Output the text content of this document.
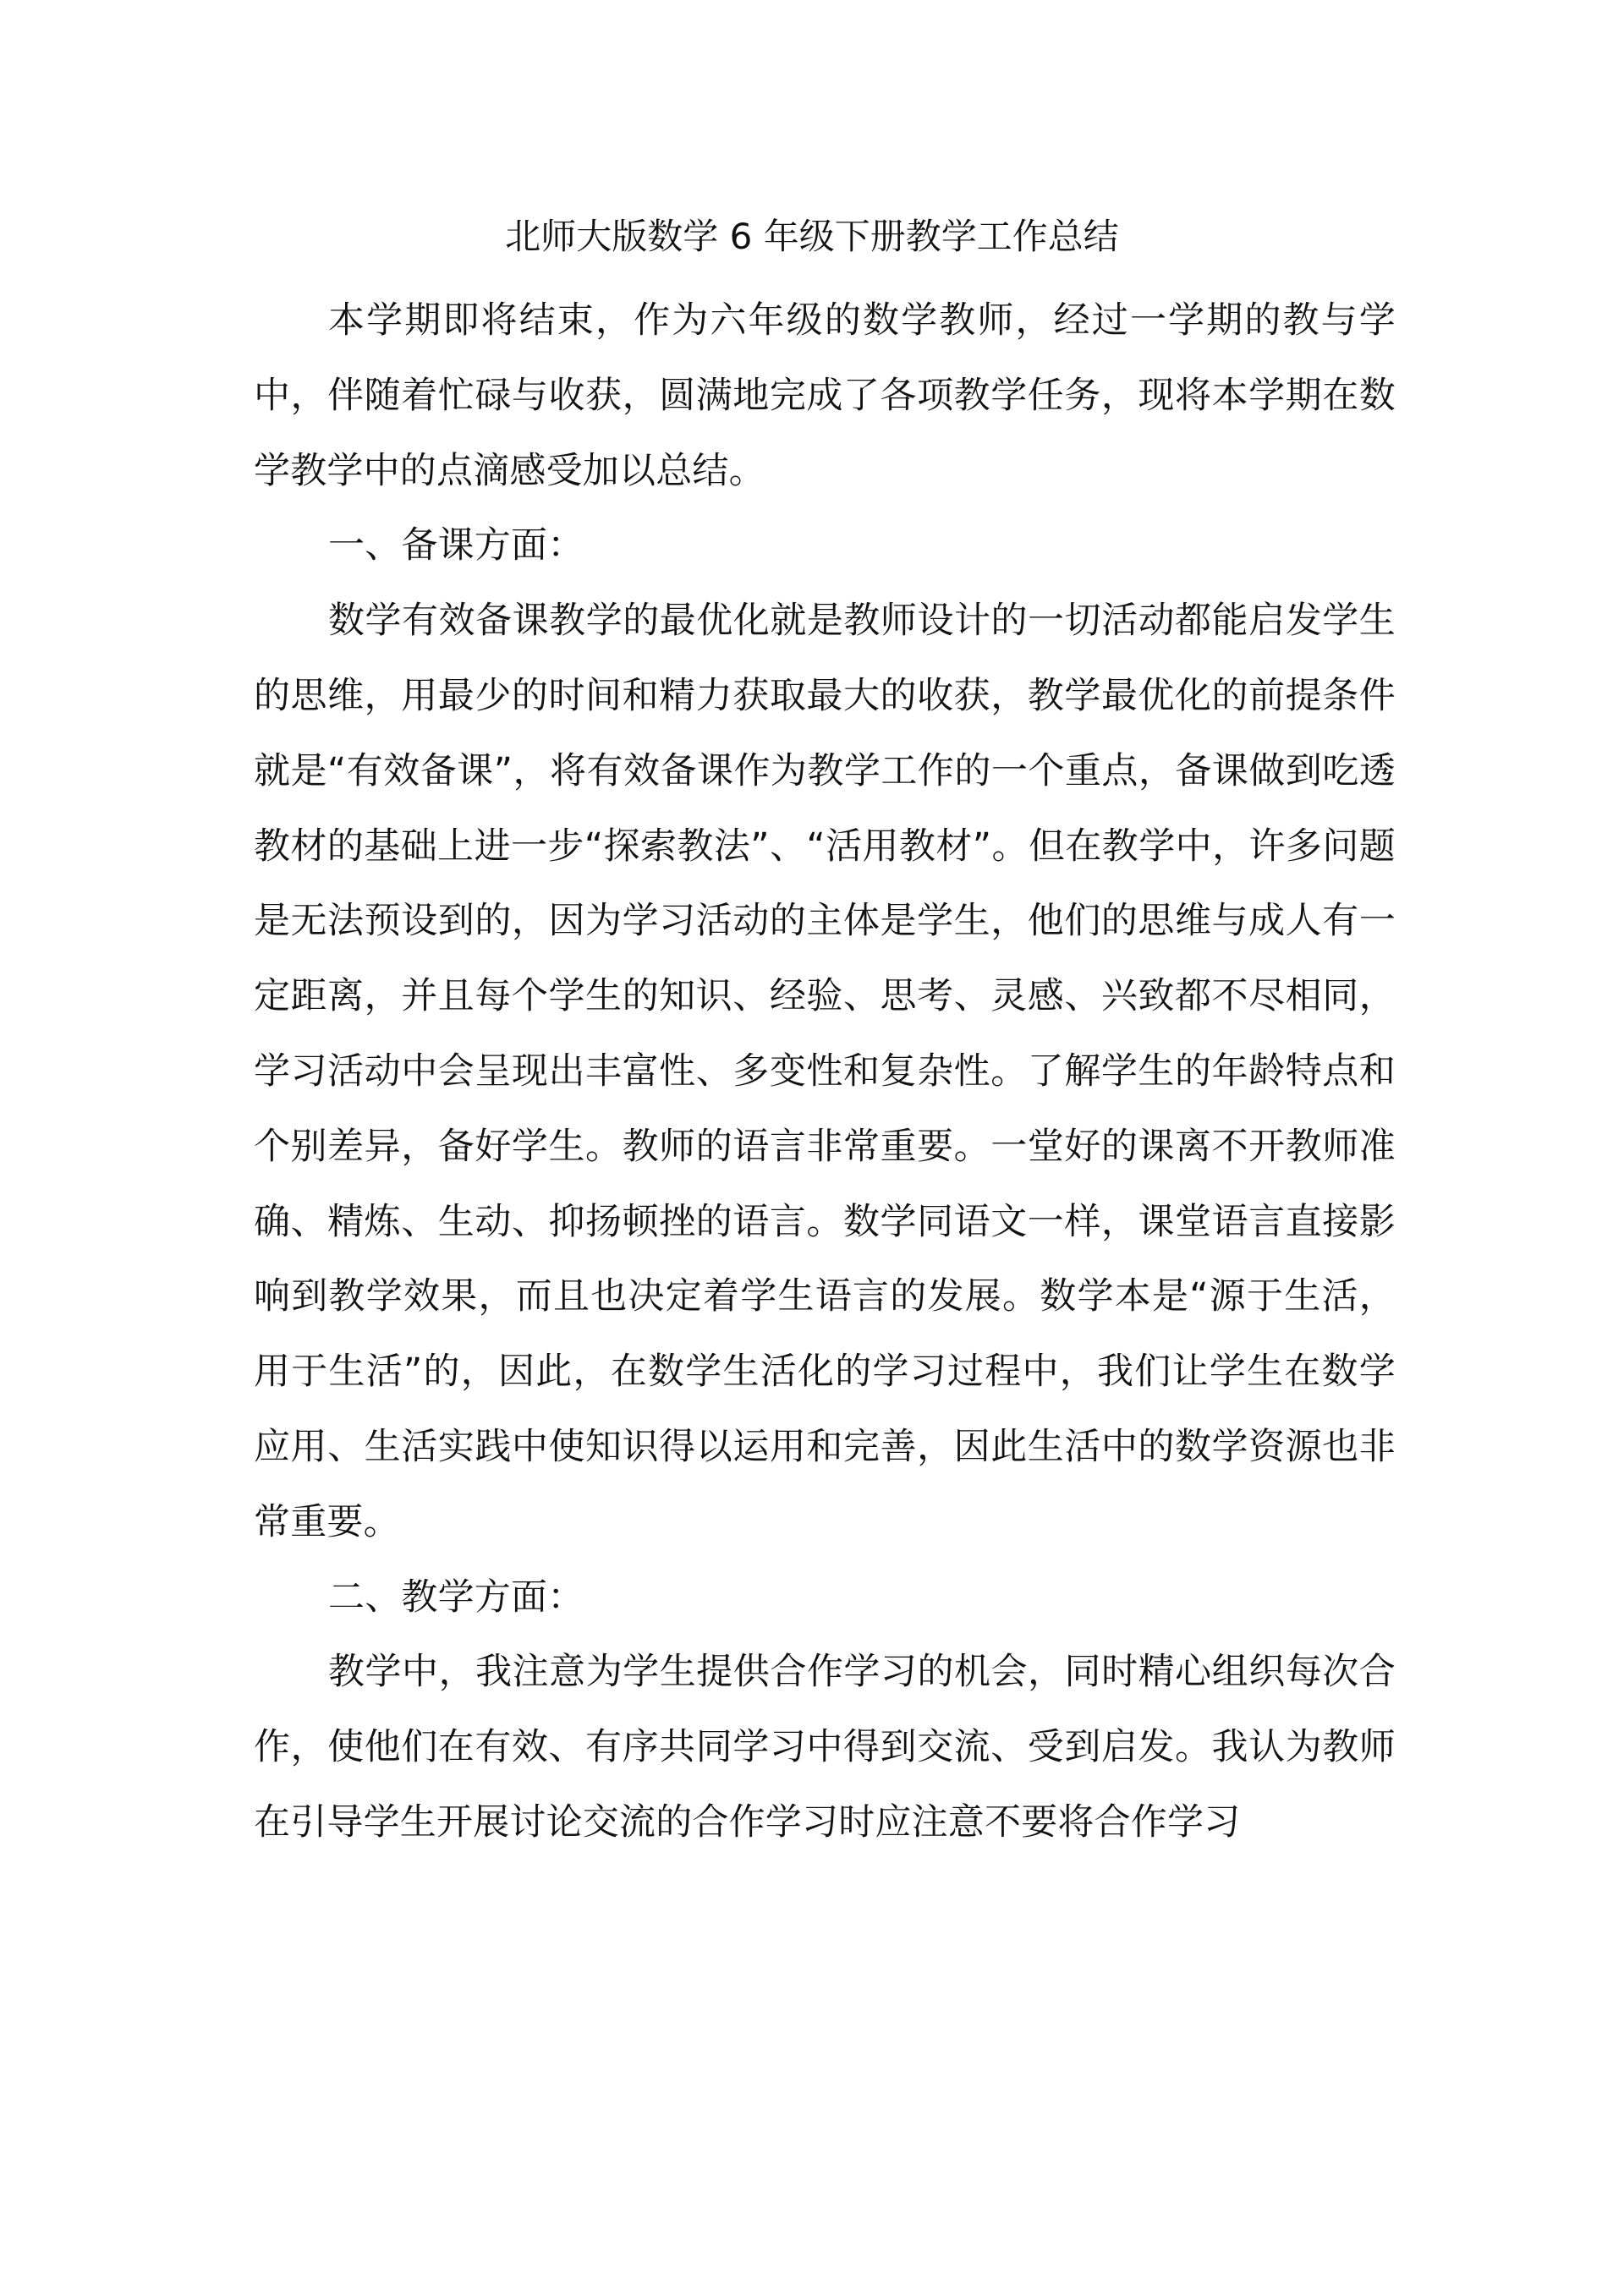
北师大版数学 6 年级下册教学工作总结

本学期即将结束，作为六年级的数学教师，经过一学期的教与学中，伴随着忙碌与收获，圆满地完成了各项教学任务，现将本学期在数学教学中的点滴感受加以总结。

一、备课方面：

数学有效备课教学的最优化就是教师设计的一切活动都能启发学生的思维，用最少的时间和精力获取最大的收获，教学最优化的前提条件就是“有效备课”，将有效备课作为教学工作的一个重点，备课做到吃透教材的基础上进一步“探索教法”、“活用教材”。但在教学中，许多问题是无法预设到的，因为学习活动的主体是学生，他们的思维与成人有一定距离，并且每个学生的知识、经验、思考、灵感、兴致都不尽相同，学习活动中会呈现出丰富性、多变性和复杂性。了解学生的年龄特点和个别差异，备好学生。教师的语言非常重要。一堂好的课离不开教师准确、精炼、生动、抑扬顿挫的语言。数学同语文一样，课堂语言直接影响到教学效果，而且也决定着学生语言的发展。数学本是“源于生活，用于生活”的，因此，在数学生活化的学习过程中，我们让学生在数学应用、生活实践中使知识得以运用和完善，因此生活中的数学资源也非常重要。

二、教学方面：

教学中，我注意为学生提供合作学习的机会，同时精心组织每次合作，使他们在有效、有序共同学习中得到交流、受到启发。我认为教师在引导学生开展讨论交流的合作学习时应注意不要将合作学习
